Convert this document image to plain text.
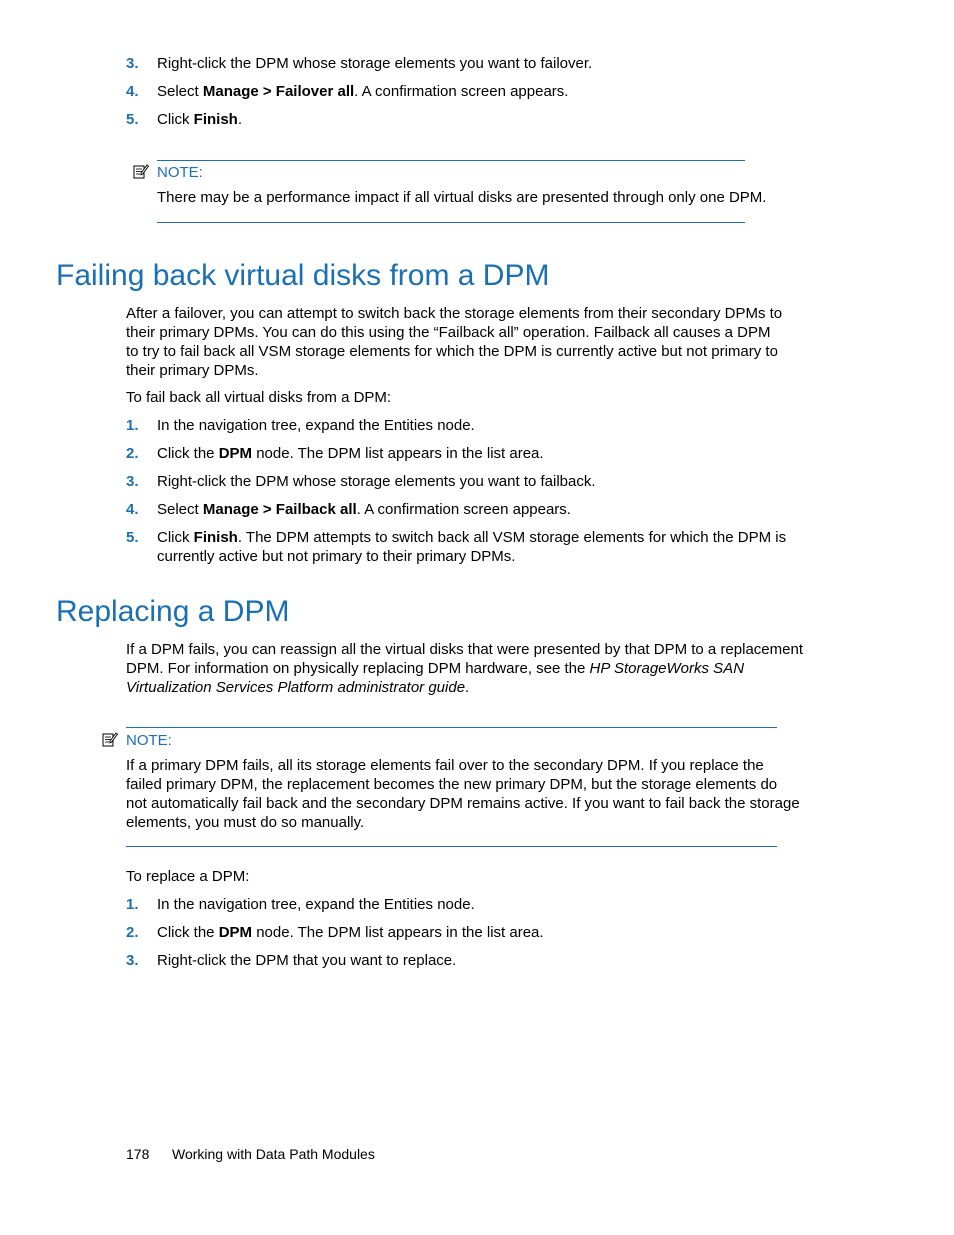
3. Right-click the DPM whose storage elements you want to failover.
4. Select Manage > Failover all. A confirmation screen appears.
5. Click Finish.
NOTE:
There may be a performance impact if all virtual disks are presented through only one DPM.
Failing back virtual disks from a DPM
After a failover, you can attempt to switch back the storage elements from their secondary DPMs to
their primary DPMs. You can do this using the “Failback all” operation. Failback all causes a DPM
to try to fail back all VSM storage elements for which the DPM is currently active but not primary to
their primary DPMs.
To fail back all virtual disks from a DPM:
1. In the navigation tree, expand the Entities node.
2. Click the DPM node. The DPM list appears in the list area.
3. Right-click the DPM whose storage elements you want to failback.
4. Select Manage > Failback all. A confirmation screen appears.
5. Click Finish. The DPM attempts to switch back all VSM storage elements for which the DPM is
currently active but not primary to their primary DPMs.
Replacing a DPM
If a DPM fails, you can reassign all the virtual disks that were presented by that DPM to a replacement
DPM. For information on physically replacing DPM hardware, see the HP StorageWorks SAN
Virtualization Services Platform administrator guide.
NOTE:
If a primary DPM fails, all its storage elements fail over to the secondary DPM. If you replace the
failed primary DPM, the replacement becomes the new primary DPM, but the storage elements do
not automatically fail back and the secondary DPM remains active. If you want to fail back the storage
elements, you must do so manually.
To replace a DPM:
1. In the navigation tree, expand the Entities node.
2. Click the DPM node. The DPM list appears in the list area.
3. Right-click the DPM that you want to replace.
178 Working with Data Path Modules
